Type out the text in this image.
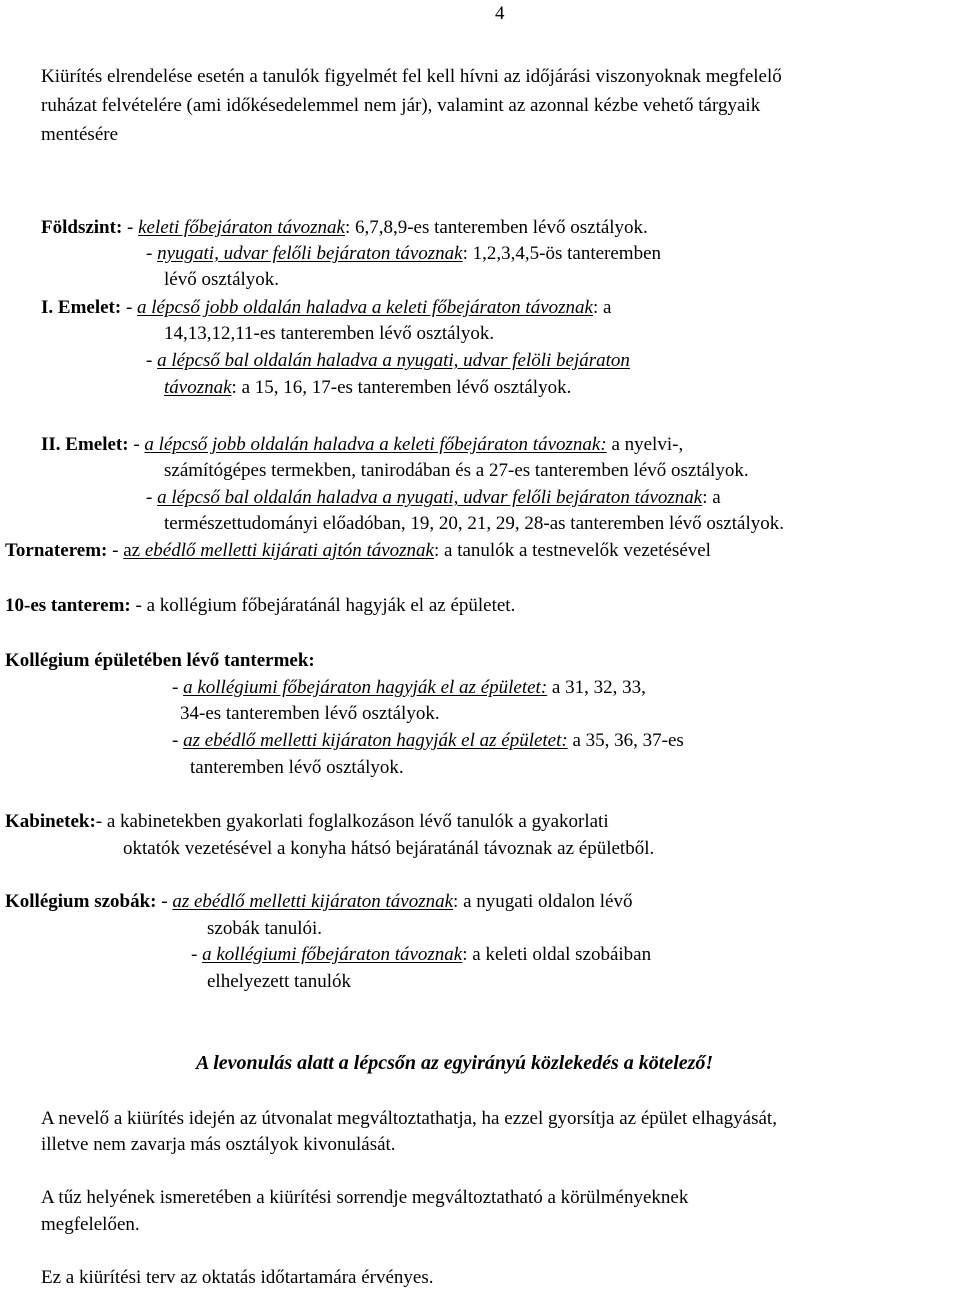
4
Kiürítés elrendelése esetén a tanulók figyelmét fel kell hívni az időjárási viszonyoknak megfelelő
ruházat felvételére (ami időkésedelemmel nem jár), valamint az azonnal kézbe vehető tárgyaik
mentésére
Földszint: - keleti főbejáraton távoznak: 6,7,8,9-es tanteremben lévő osztályok.
- nyugati, udvar felőli bejáraton távoznak: 1,2,3,4,5-ös tanteremben
lévő osztályok.
I. Emelet: - a lépcső jobb oldalán haladva a keleti főbejáraton távoznak: a
14,13,12,11-es tanteremben lévő osztályok.
- a lépcső bal oldalán haladva a nyugati, udvar felöli bejáraton
távoznak: a 15, 16, 17-es tanteremben lévő osztályok.
II. Emelet: - a lépcső jobb oldalán haladva a keleti főbejáraton távoznak: a nyelvi-,
számítógépes termekben, tanirodában és a 27-es tanteremben lévő osztályok.
- a lépcső bal oldalán haladva a nyugati, udvar felőli bejáraton távoznak: a
természettudományi előadóban, 19, 20, 21, 29, 28-as tanteremben lévő osztályok.
Tornaterem: - az ebédlő melletti kijárati ajtón távoznak: a tanulók a testnevelők vezetésével
10-es tanterem: - a kollégium főbejáratánál hagyják el az épületet.
Kollégium épületében lévő tantermek:
- a kollégiumi főbejáraton hagyják el az épületet: a 31, 32, 33,
34-es tanteremben lévő osztályok.
- az ebédlő melletti kijáraton hagyják el az épületet: a 35, 36, 37-es
tanteremben lévő osztályok.
Kabinetek:- a kabinetekben gyakorlati foglalkozáson lévő tanulók a gyakorlati
oktatók vezetésével a konyha hátsó bejáratánál távoznak az épületből.
Kollégium szobák: - az ebédlő melletti kijáraton távoznak: a nyugati oldalon lévő
szobák tanulói.
- a kollégiumi főbejáraton távoznak: a keleti oldal szobáiban
elhelyezett tanulók
A levonulás alatt a lépcsőn az egyirányú közlekedés a kötelező!
A nevelő a kiürítés idején az útvonalat megváltoztathatja, ha ezzel gyorsítja az épület elhagyását,
illetve nem zavarja más osztályok kivonulását.
A tűz helyének ismeretében a kiürítési sorrendje megváltoztatható a körülményeknek
megfelelően.
Ez a kiürítési terv az oktatás időtartamára érvényes.
